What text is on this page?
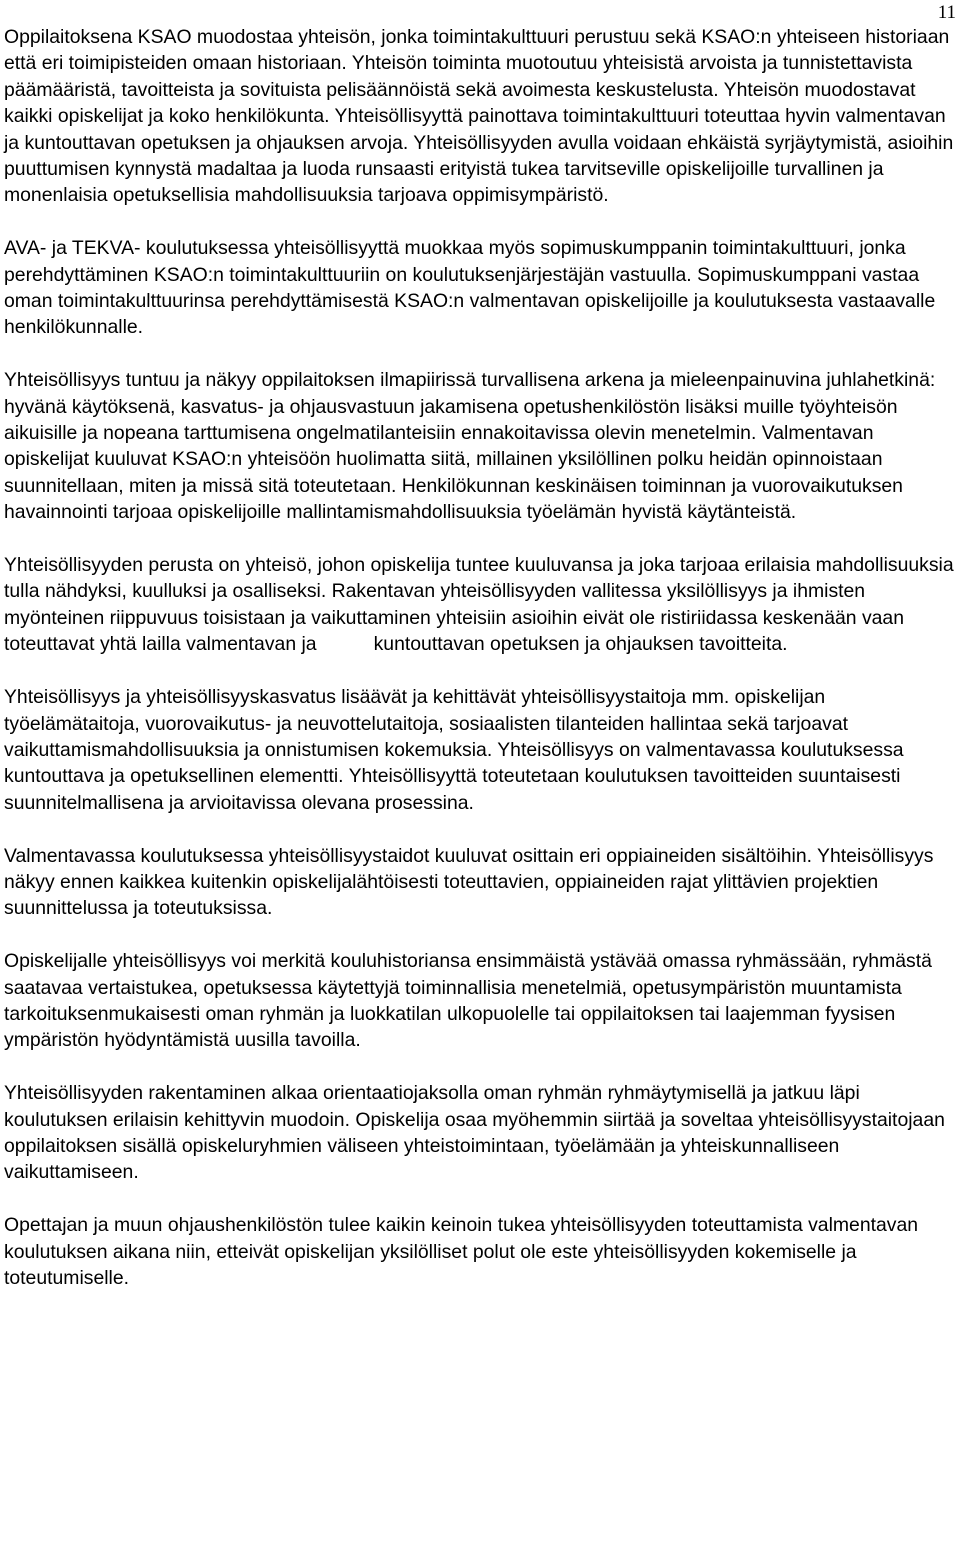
11

Oppilaitoksena KSAO muodostaa yhteisön, jonka toimintakulttuuri perustuu sekä KSAO:n yhteiseen historiaan että eri toimipisteiden omaan historiaan. Yhteisön toiminta muotoutuu yhteisistä arvoista ja tunnistettavista päämääristä, tavoitteista ja sovituista pelisäännöistä sekä avoimesta keskustelusta. Yhteisön muodostavat kaikki opiskelijat ja koko henkilökunta. Yhteisöllisyyttä painottava toimintakulttuuri toteuttaa hyvin valmentavan ja kuntouttavan opetuksen ja ohjauksen arvoja. Yhteisöllisyyden avulla voidaan ehkäistä syrjäytymistä, asioihin puuttumisen kynnystä madaltaa ja luoda runsaasti erityistä tukea tarvitseville opiskelijoille turvallinen ja monenlaisia opetuksellisia mahdollisuuksia tarjoava oppimisympäristö.

AVA- ja TEKVA- koulutuksessa yhteisöllisyyttä muokkaa myös sopimuskumppanin toimintakulttuuri, jonka perehdyttäminen KSAO:n toimintakulttuuriin on koulutuksenjärjestäjän vastuulla. Sopimuskumppani vastaa oman toimintakulttuurinsa perehdyttämisestä KSAO:n valmentavan opiskelijoille ja koulutuksesta vastaavalle henkilökunnalle.

Yhteisöllisyys tuntuu ja näkyy oppilaitoksen ilmapiirissä turvallisena arkena ja mieleenpainuvina juhlahetkinä: hyvänä käytöksenä, kasvatus- ja ohjausvastuun jakamisena opetushenkilöstön lisäksi muille työyhteisön aikuisille ja nopeana tarttumisena ongelmatilanteisiin ennakoitavissa olevin menetelmin. Valmentavan opiskelijat kuuluvat KSAO:n yhteisöön huolimatta siitä, millainen yksilöllinen polku heidän opinnoistaan suunnitellaan, miten ja missä sitä toteutetaan. Henkilökunnan keskinäisen toiminnan ja vuorovaikutuksen havainnointi tarjoaa opiskelijoille mallintamismahdollisuuksia työelämän hyvistä käytänteistä.

Yhteisöllisyyden perusta on yhteisö, johon opiskelija tuntee kuuluvansa ja joka tarjoaa erilaisia mahdollisuuksia tulla nähdyksi, kuulluksi ja osalliseksi. Rakentavan yhteisöllisyyden vallitessa yksilöllisyys ja ihmisten myönteinen riippuvuus toisistaan ja vaikuttaminen yhteisiin asioihin eivät ole ristiriidassa keskenään vaan toteuttavat yhtä lailla valmentavan ja	kuntouttavan opetuksen ja ohjauksen tavoitteita.

Yhteisöllisyys ja yhteisöllisyyskasvatus lisäävät ja kehittävät yhteisöllisyystaitoja mm. opiskelijan työelämätaitoja, vuorovaikutus- ja neuvottelutaitoja, sosiaalisten tilanteiden hallintaa sekä tarjoavat vaikuttamismahdollisuuksia ja onnistumisen kokemuksia. Yhteisöllisyys on valmentavassa koulutuksessa kuntouttava ja opetuksellinen elementti. Yhteisöllisyyttä toteutetaan koulutuksen tavoitteiden suuntaisesti suunnitelmallisena ja arvioitavissa olevana prosessina.

Valmentavassa koulutuksessa yhteisöllisyystaidot kuuluvat osittain eri oppiaineiden sisältöihin. Yhteisöllisyys näkyy ennen kaikkea kuitenkin opiskelijalähtöisesti toteuttavien, oppiaineiden rajat ylittävien projektien suunnittelussa ja toteutuksissa.

Opiskelijalle yhteisöllisyys voi merkitä kouluhistoriansa ensimmäistä ystävää omassa ryhmässään, ryhmästä saatavaa vertaistukea, opetuksessa käytettyjä toiminnallisia menetelmiä, opetusympäristön muuntamista tarkoituksenmukaisesti oman ryhmän ja luokkatilan ulkopuolelle tai oppilaitoksen tai laajemman fyysisen ympäristön hyödyntämistä uusilla tavoilla.

Yhteisöllisyyden rakentaminen alkaa orientaatiojaksolla oman ryhmän ryhmäytymisellä ja jatkuu läpi koulutuksen erilaisin kehittyvin muodoin. Opiskelija osaa myöhemmin siirtää ja soveltaa yhteisöllisyystaitojaan oppilaitoksen sisällä opiskeluryhmien väliseen yhteistoimintaan, työelämään ja yhteiskunnalliseen vaikuttamiseen.

Opettajan ja muun ohjaushenkilöstön tulee kaikin keinoin tukea yhteisöllisyyden toteuttamista valmentavan koulutuksen aikana niin, etteivät opiskelijan yksilölliset polut ole este yhteisöllisyyden kokemiselle ja toteutumiselle.
